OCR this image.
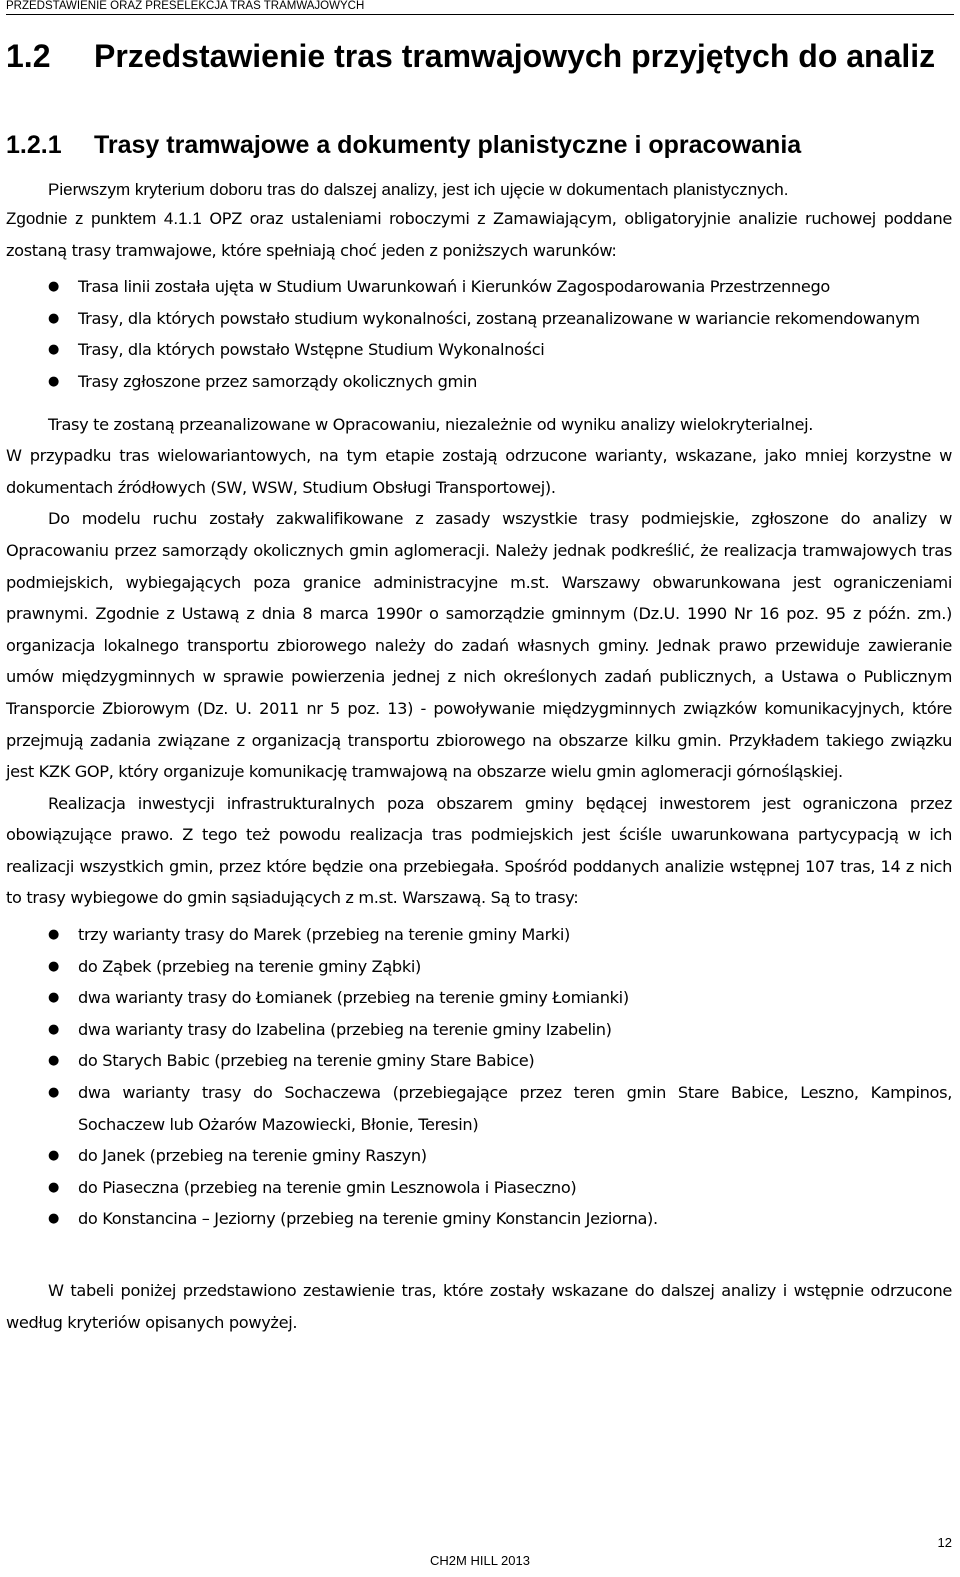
PRZEDSTAWIENIE ORAZ PRESELEKCJA TRAS TRAMWAJOWYCH
1.2 Przedstawienie tras tramwajowych przyjętych do analiz
1.2.1 Trasy tramwajowe a dokumenty planistyczne i opracowania
Pierwszym kryterium doboru tras do dalszej analizy, jest ich ujęcie w dokumentach planistycznych.

Zgodnie z punktem 4.1.1 OPZ oraz ustaleniami roboczymi z Zamawiającym, obligatoryjnie analizie ruchowej poddane zostaną trasy tramwajowe, które spełniają choć jeden z poniższych warunków:

● Trasa linii została ujęta w Studium Uwarunkowań i Kierunków Zagospodarowania Przestrzennego
● Trasy, dla których powstało studium wykonalności, zostaną przeanalizowane w wariancie rekomendowanym
● Trasy, dla których powstało Wstępne Studium Wykonalności
● Trasy zgłoszone przez samorządy okolicznych gmin

Trasy te zostaną przeanalizowane w Opracowaniu, niezależnie od wyniku analizy wielokryterialnej.

W przypadku tras wielowariantowych, na tym etapie zostają odrzucone warianty, wskazane, jako mniej korzystne w dokumentach źródłowych (SW, WSW, Studium Obsługi Transportowej).

Do modelu ruchu zostały zakwalifikowane z zasady wszystkie trasy podmiejskie, zgłoszone do analizy w Opracowaniu przez samorządy okolicznych gmin aglomeracji. Należy jednak podkreślić, że realizacja tramwajowych tras podmiejskich, wybiegających poza granice administracyjne m.st. Warszawy obwarunkowana jest ograniczeniami prawnymi. Zgodnie z Ustawą z dnia 8 marca 1990r o samorządzie gminnym (Dz.U. 1990 Nr 16 poz. 95 z późn. zm.) organizacja lokalnego transportu zbiorowego należy do zadań własnych gminy. Jednak prawo przewiduje zawieranie umów międzygminnych w sprawie powierzenia jednej z nich określonych zadań publicznych, a Ustawa o Publicznym Transporcie Zbiorowym (Dz. U. 2011 nr 5 poz. 13) - powoływanie międzygminnych związków komunikacyjnych, które przejmują zadania związane z organizacją transportu zbiorowego na obszarze kilku gmin. Przykładem takiego związku jest KZK GOP, który organizuje komunikację tramwajową na obszarze wielu gmin aglomeracji górnośląskiej.

Realizacja inwestycji infrastrukturalnych poza obszarem gminy będącej inwestorem jest ograniczona przez obowiązujące prawo. Z tego też powodu realizacja tras podmiejskich jest ściśle uwarunkowana partycypacją w ich realizacji wszystkich gmin, przez które będzie ona przebiegała. Spośród poddanych analizie wstępnej 107 tras, 14 z nich to trasy wybiegowe do gmin sąsiadujących z m.st. Warszawą. Są to trasy:

● trzy warianty trasy do Marek (przebieg na terenie gminy Marki)
● do Ząbek (przebieg na terenie gminy Ząbki)
● dwa warianty trasy do Łomianek (przebieg na terenie gminy Łomianki)
● dwa warianty trasy do Izabelina (przebieg na terenie gminy Izabelin)
● do Starych Babic (przebieg na terenie gminy Stare Babice)
● dwa warianty trasy do Sochaczewa (przebiegające przez teren gmin Stare Babice, Leszno, Kampinos, Sochaczew lub Ożarów Mazowiecki, Błonie, Teresin)
● do Janek (przebieg na terenie gminy Raszyn)
● do Piaseczna (przebieg na terenie gmin Lesznowola i Piaseczno)
● do Konstancina – Jeziorny (przebieg na terenie gminy Konstancin Jeziorna).

W tabeli poniżej przedstawiono zestawienie tras, które zostały wskazane do dalszej analizy i wstępnie odrzucone według kryteriów opisanych powyżej.

12
CH2M HILL 2013
